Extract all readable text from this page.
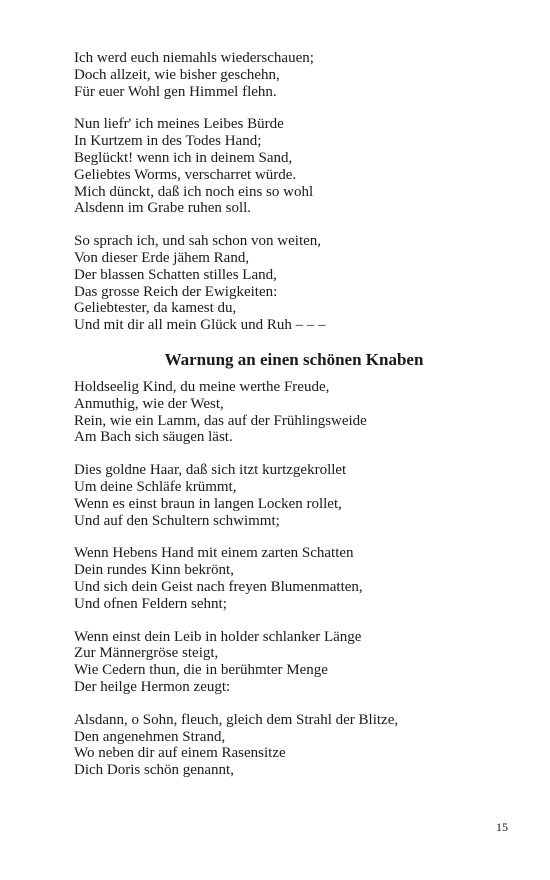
Ich werd euch niemahls wiederschauen;
Doch allzeit, wie bisher geschehn,
Für euer Wohl gen Himmel flehn.
Nun liefr' ich meines Leibes Bürde
In Kurtzem in des Todes Hand;
Beglückt! wenn ich in deinem Sand,
Geliebtes Worms, verscharret würde.
Mich dünckt, daß ich noch eins so wohl
Alsdenn im Grabe ruhen soll.
So sprach ich, und sah schon von weiten,
Von dieser Erde jähem Rand,
Der blassen Schatten stilles Land,
Das grosse Reich der Ewigkeiten:
Geliebtester, da kamest du,
Und mit dir all mein Glück und Ruh – – –
Warnung an einen schönen Knaben
Holdseelig Kind, du meine werthe Freude,
Anmuthig, wie der West,
Rein, wie ein Lamm, das auf der Frühlingsweide
Am Bach sich säugen läst.
Dies goldne Haar, daß sich itzt kurtzgekrollet
Um deine Schläfe krümmt,
Wenn es einst braun in langen Locken rollet,
Und auf den Schultern schwimmt;
Wenn Hebens Hand mit einem zarten Schatten
Dein rundes Kinn bekrönt,
Und sich dein Geist nach freyen Blumenmatten,
Und ofnen Feldern sehnt;
Wenn einst dein Leib in holder schlanker Länge
Zur Männergröse steigt,
Wie Cedern thun, die in berühmter Menge
Der heilge Hermon zeugt:
Alsdann, o Sohn, fleuch, gleich dem Strahl der Blitze,
Den angenehmen Strand,
Wo neben dir auf einem Rasensitze
Dich Doris schön genannt,
15
